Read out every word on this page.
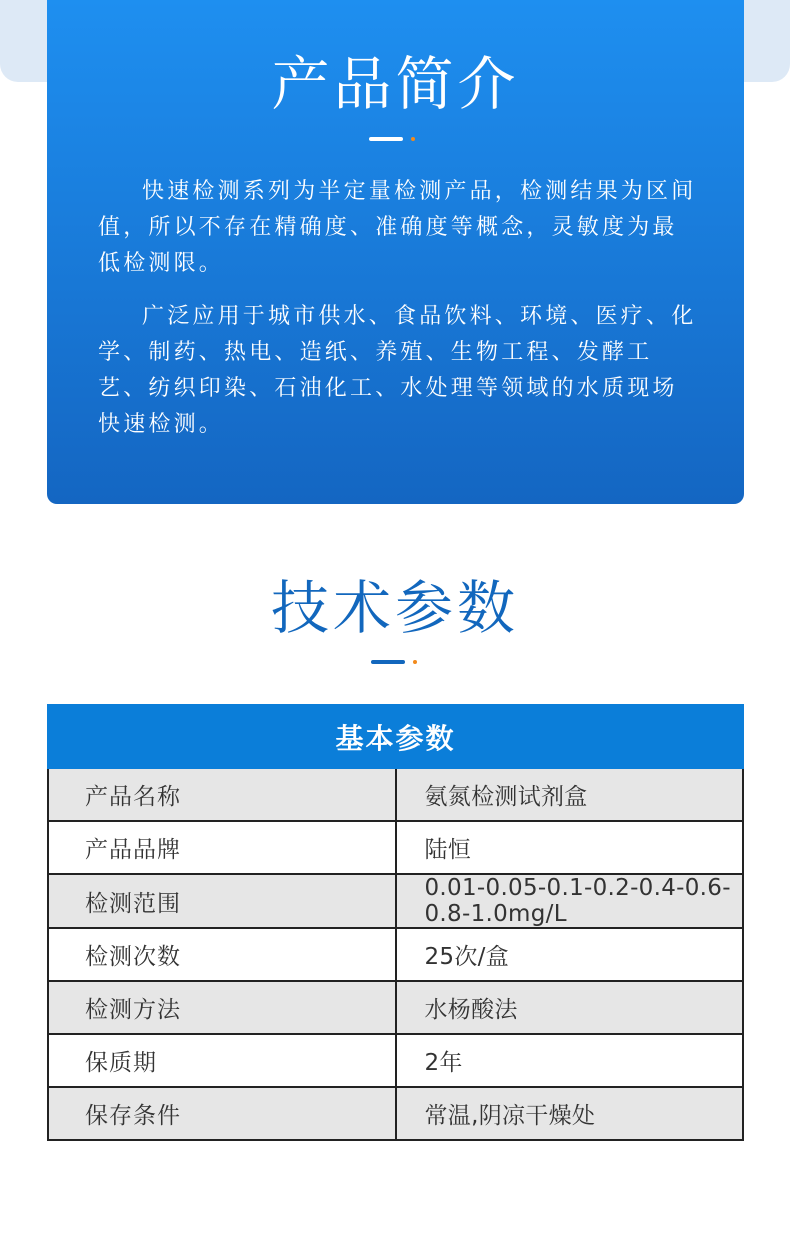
产品简介

快速检测系列为半定量检测产品，检测结果为区间值，所以不存在精确度、准确度等概念，灵敏度为最低检测限。

广泛应用于城市供水、食品饮料、环境、医疗、化学、制药、热电、造纸、养殖、生物工程、发酵工艺、纺织印染、石油化工、水处理等领域的水质现场快速检测。

技术参数
基本参数	
产品名称	氨氮检测试剂盒
产品品牌	陆恒
检测范围	0.01-0.05-0.1-0.2-0.4-0.6-0.8-1.0mg/L
检测次数	25次/盒
检测方法	水杨酸法
保质期	2年
保存条件	常温,阴凉干燥处
